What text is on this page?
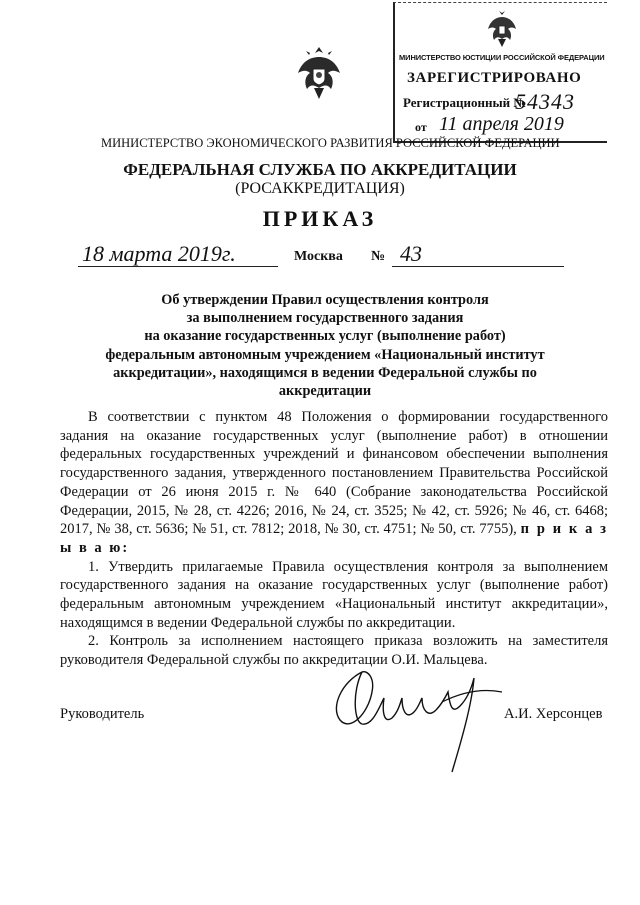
МИНИСТЕРСТВО ЮСТИЦИИ РОССИЙСКОЙ ФЕДЕРАЦИИ
ЗАРЕГИСТРИРОВАНО
Регистрационный №
54343
от 11 апреля 2019
МИНИСТЕРСТВО ЭКОНОМИЧЕСКОГО РАЗВИТИЯ РОССИЙСКОЙ ФЕДЕРАЦИИ
ФЕДЕРАЛЬНАЯ СЛУЖБА ПО АККРЕДИТАЦИИ
(РОСАККРЕДИТАЦИЯ)
ПРИКАЗ
18 марта 2019г.	Москва № 43
Об утверждении Правил осуществления контроля
за выполнением государственного задания
на оказание государственных услуг (выполнение работ)
федеральным автономным учреждением «Национальный институт
аккредитации», находящимся в ведении Федеральной службы по
аккредитации

В соответствии с пунктом 48 Положения о формировании государственного задания на оказание государственных услуг (выполнение работ) в отношении федеральных государственных учреждений и финансовом обеспечении выполнения государственного задания, утвержденного постановлением Правительства Российской Федерации от 26 июня 2015 г. № 640 (Собрание законодательства Российской Федерации, 2015, № 28, ст. 4226; 2016, № 24, ст. 3525; № 42, ст. 5926; № 46, ст. 6468; 2017, № 38, ст. 5636; № 51, ст. 7812; 2018, № 30, ст. 4751; № 50, ст. 7755), п р и к а з ы в а ю:

1. Утвердить прилагаемые Правила осуществления контроля за выполнением государственного задания на оказание государственных услуг (выполнение работ) федеральным автономным учреждением «Национальный институт аккредитации», находящимся в ведении Федеральной службы по аккредитации.

2. Контроль за исполнением настоящего приказа возложить на заместителя руководителя Федеральной службы по аккредитации О.И. Мальцева.

Руководитель	А.И. Херсонцев
